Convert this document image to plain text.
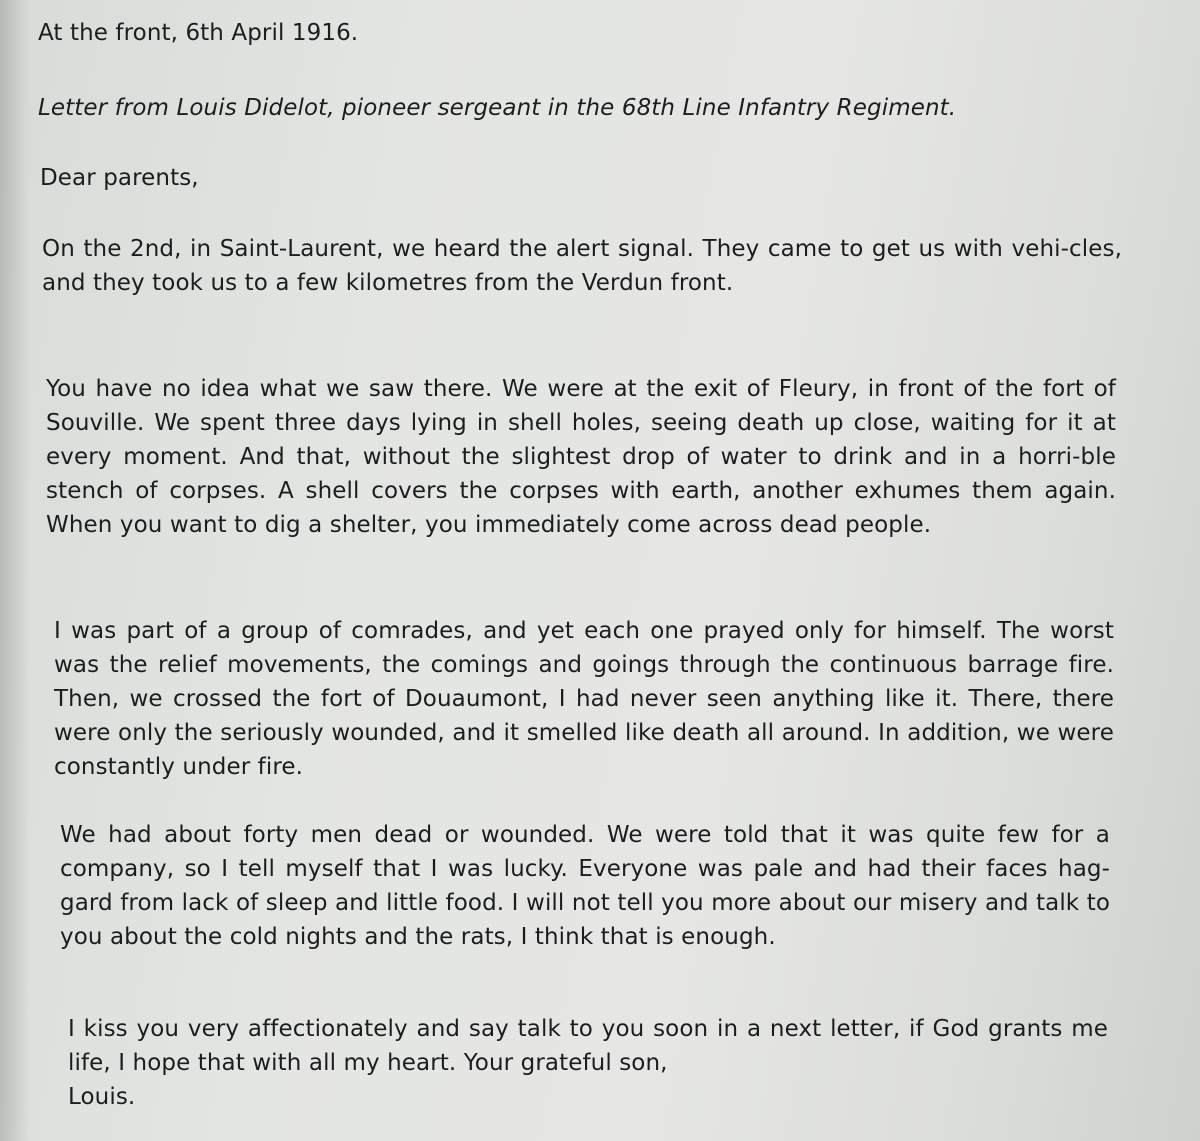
At the front, 6th April 1916.

Letter from Louis Didelot, pioneer sergeant in the 68th Line Infantry Regiment.

Dear parents,

On the 2nd, in Saint-Laurent, we heard the alert signal. They came to get us with vehi-cles, and they took us to a few kilometres from the Verdun front.

You have no idea what we saw there. We were at the exit of Fleury, in front of the fort of Souville. We spent three days lying in shell holes, seeing death up close, waiting for it at every moment. And that, without the slightest drop of water to drink and in a horri-ble stench of corpses. A shell covers the corpses with earth, another exhumes them again. When you want to dig a shelter, you immediately come across dead people.

I was part of a group of comrades, and yet each one prayed only for himself. The worst was the relief movements, the comings and goings through the continuous barrage fire. Then, we crossed the fort of Douaumont, I had never seen anything like it. There, there were only the seriously wounded, and it smelled like death all around. In addition, we were constantly under fire.

We had about forty men dead or wounded. We were told that it was quite few for a company, so I tell myself that I was lucky. Everyone was pale and had their faces hag-gard from lack of sleep and little food. I will not tell you more about our misery and talk to you about the cold nights and the rats, I think that is enough.

I kiss you very affectionately and say talk to you soon in a next letter, if God grants me life, I hope that with all my heart. Your grateful son,
Louis.
